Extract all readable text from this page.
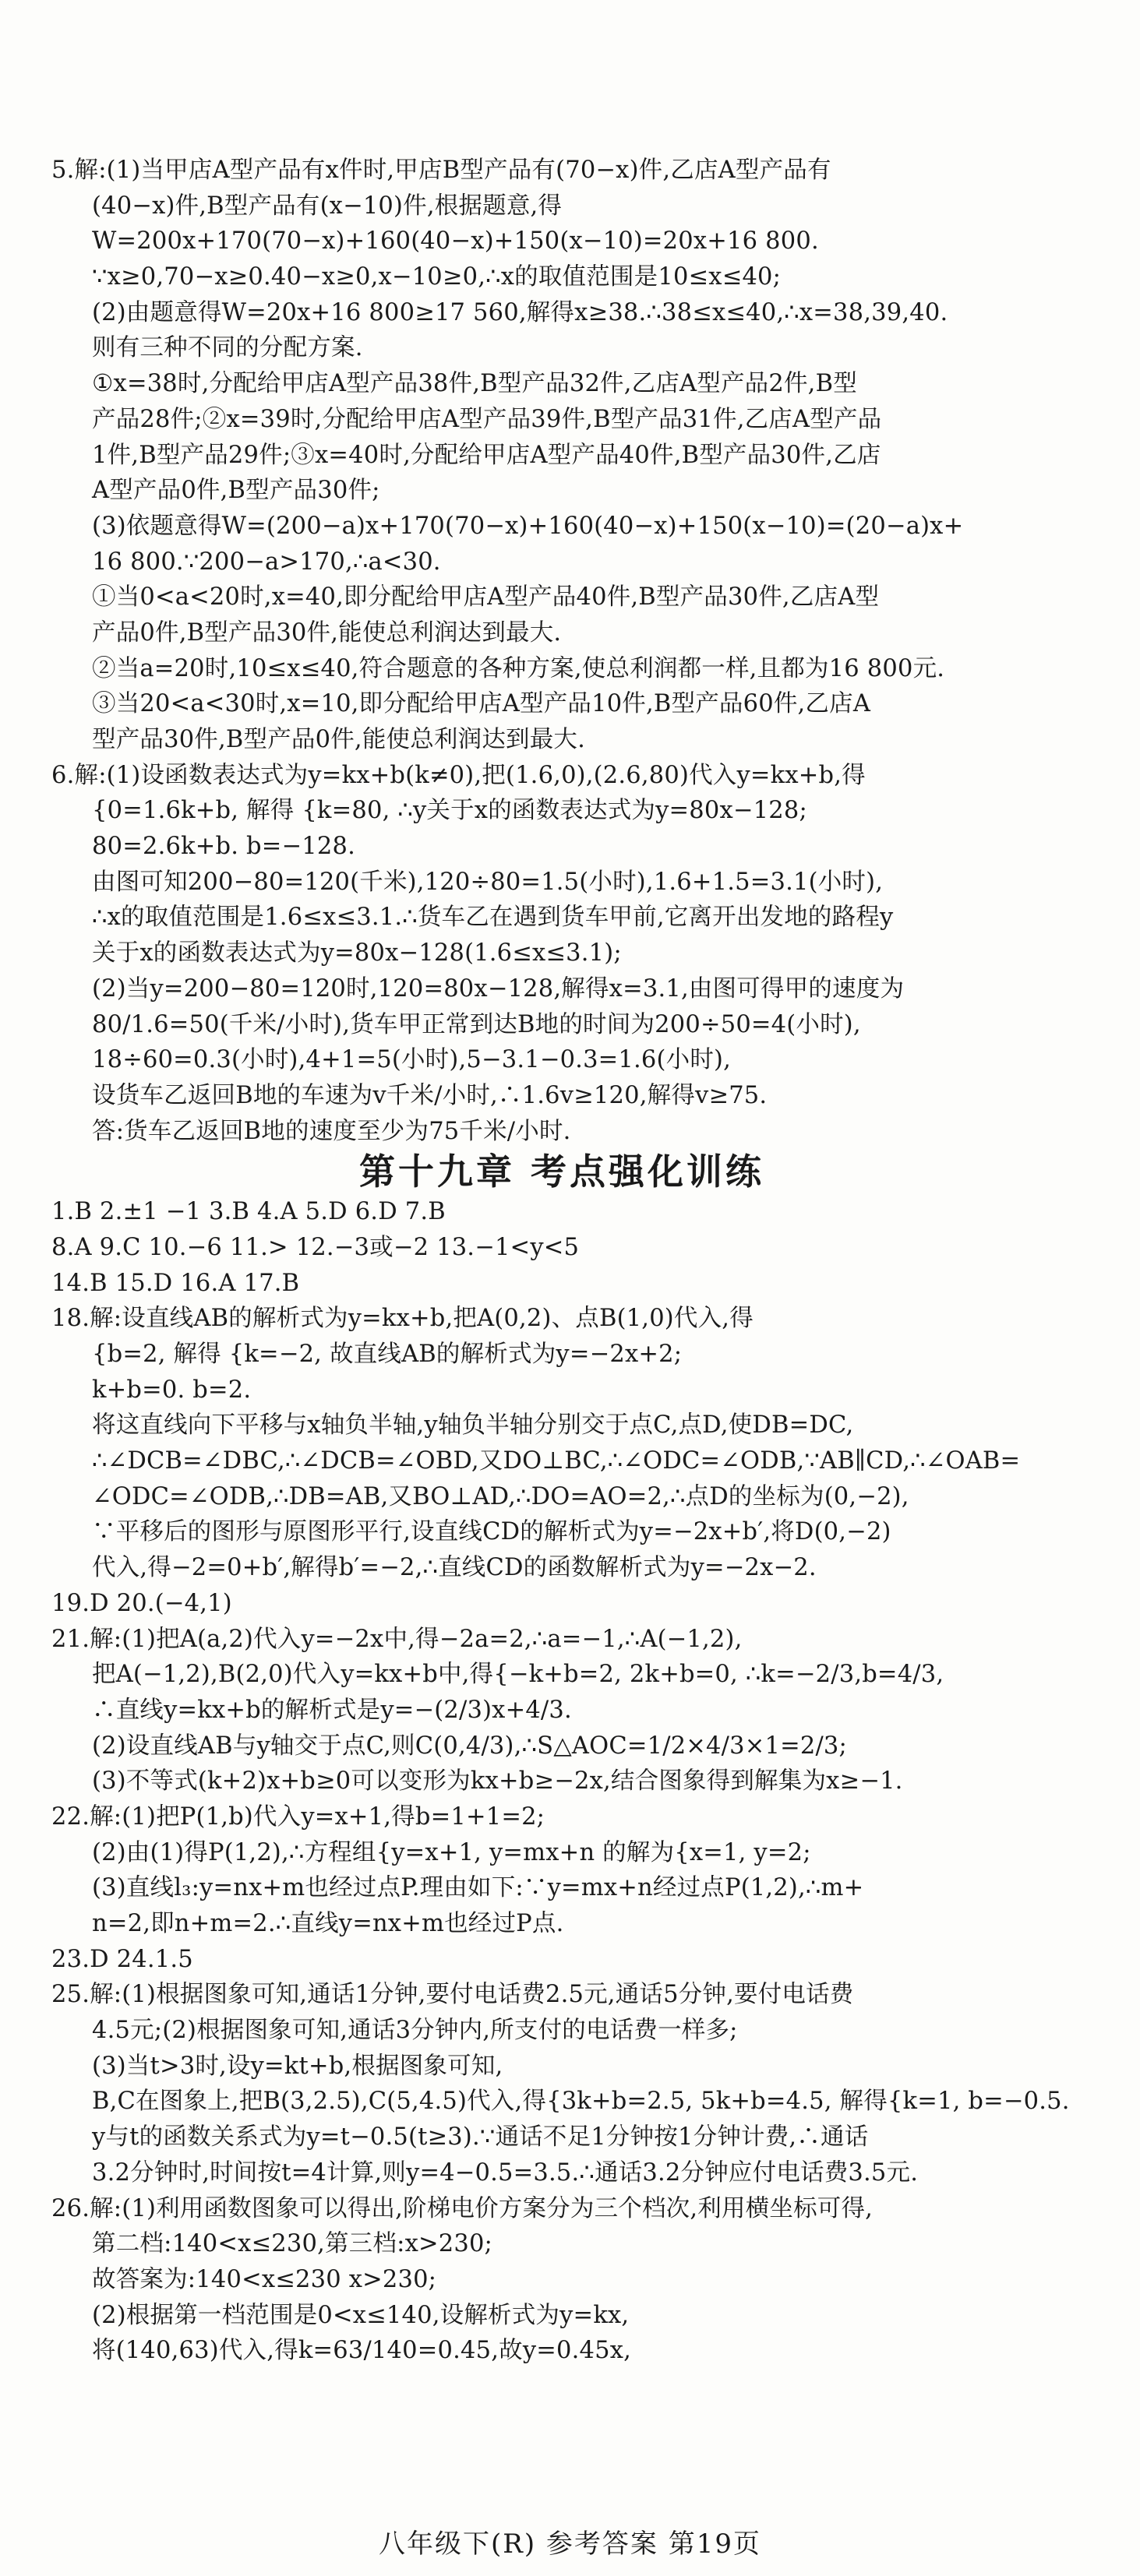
5.解:(1)当甲店A型产品有x件时,甲店B型产品有(70−x)件,乙店A型产品有
(40−x)件,B型产品有(x−10)件,根据题意,得
W=200x+170(70−x)+160(40−x)+150(x−10)=20x+16 800.
∵x≥0,70−x≥0.40−x≥0,x−10≥0,∴x的取值范围是10≤x≤40;
(2)由题意得W=20x+16 800≥17 560,解得x≥38.∴38≤x≤40,∴x=38,39,40.
则有三种不同的分配方案.
①x=38时,分配给甲店A型产品38件,B型产品32件,乙店A型产品2件,B型
产品28件;②x=39时,分配给甲店A型产品39件,B型产品31件,乙店A型产品
1件,B型产品29件;③x=40时,分配给甲店A型产品40件,B型产品30件,乙店
A型产品0件,B型产品30件;
(3)依题意得W=(200−a)x+170(70−x)+160(40−x)+150(x−10)=(20−a)x+
16 800.∵200−a>170,∴a<30.
①当0<a<20时,x=40,即分配给甲店A型产品40件,B型产品30件,乙店A型
产品0件,B型产品30件,能使总利润达到最大.
②当a=20时,10≤x≤40,符合题意的各种方案,使总利润都一样,且都为16 800元.
③当20<a<30时,x=10,即分配给甲店A型产品10件,B型产品60件,乙店A
型产品30件,B型产品0件,能使总利润达到最大.
6.解:(1)设函数表达式为y=kx+b(k≠0),把(1.6,0),(2.6,80)代入y=kx+b,得
{0=1.6k+b, 解得 {k=80, ∴y关于x的函数表达式为y=80x−128;
80=2.6k+b. b=−128.
由图可知200−80=120(千米),120÷80=1.5(小时),1.6+1.5=3.1(小时),
∴x的取值范围是1.6≤x≤3.1.∴货车乙在遇到货车甲前,它离开出发地的路程y
关于x的函数表达式为y=80x−128(1.6≤x≤3.1);
(2)当y=200−80=120时,120=80x−128,解得x=3.1,由图可得甲的速度为
80/1.6=50(千米/小时),货车甲正常到达B地的时间为200÷50=4(小时),
18÷60=0.3(小时),4+1=5(小时),5−3.1−0.3=1.6(小时),
设货车乙返回B地的车速为v千米/小时,∴1.6v≥120,解得v≥75.
答:货车乙返回B地的速度至少为75千米/小时.
第十九章 考点强化训练
1.B 2.±1 −1 3.B 4.A 5.D 6.D 7.B
8.A 9.C 10.−6 11.> 12.−3或−2 13.−1<y<5
14.B 15.D 16.A 17.B
18.解:设直线AB的解析式为y=kx+b,把A(0,2)、点B(1,0)代入,得
{b=2, 解得 {k=−2, 故直线AB的解析式为y=−2x+2;
k+b=0. b=2.
将这直线向下平移与x轴负半轴,y轴负半轴分别交于点C,点D,使DB=DC,
∴∠DCB=∠DBC,∴∠DCB=∠OBD,又DO⊥BC,∴∠ODC=∠ODB,∵AB∥CD,∴∠OAB=
∠ODC=∠ODB,∴DB=AB,又BO⊥AD,∴DO=AO=2,∴点D的坐标为(0,−2),
∵平移后的图形与原图形平行,设直线CD的解析式为y=−2x+b′,将D(0,−2)
代入,得−2=0+b′,解得b′=−2,∴直线CD的函数解析式为y=−2x−2.
19.D 20.(−4,1)
21.解:(1)把A(a,2)代入y=−2x中,得−2a=2,∴a=−1,∴A(−1,2),
把A(−1,2),B(2,0)代入y=kx+b中,得{−k+b=2, 2k+b=0, ∴k=−2/3,b=4/3,
∴直线y=kx+b的解析式是y=−(2/3)x+4/3.
(2)设直线AB与y轴交于点C,则C(0,4/3),∴S△AOC=1/2×4/3×1=2/3;
(3)不等式(k+2)x+b≥0可以变形为kx+b≥−2x,结合图象得到解集为x≥−1.
22.解:(1)把P(1,b)代入y=x+1,得b=1+1=2;
(2)由(1)得P(1,2),∴方程组{y=x+1, y=mx+n 的解为{x=1, y=2;
(3)直线l₃:y=nx+m也经过点P.理由如下:∵y=mx+n经过点P(1,2),∴m+
n=2,即n+m=2.∴直线y=nx+m也经过P点.
23.D 24.1.5
25.解:(1)根据图象可知,通话1分钟,要付电话费2.5元,通话5分钟,要付电话费
4.5元;(2)根据图象可知,通话3分钟内,所支付的电话费一样多;
(3)当t>3时,设y=kt+b,根据图象可知,
B,C在图象上,把B(3,2.5),C(5,4.5)代入,得{3k+b=2.5, 5k+b=4.5, 解得{k=1, b=−0.5.
y与t的函数关系式为y=t−0.5(t≥3).∵通话不足1分钟按1分钟计费,∴通话
3.2分钟时,时间按t=4计算,则y=4−0.5=3.5.∴通话3.2分钟应付电话费3.5元.
26.解:(1)利用函数图象可以得出,阶梯电价方案分为三个档次,利用横坐标可得,
第二档:140<x≤230,第三档:x>230;
故答案为:140<x≤230 x>230;
(2)根据第一档范围是0<x≤140,设解析式为y=kx,
将(140,63)代入,得k=63/140=0.45,故y=0.45x,
八年级下(R) 参考答案 第19页
